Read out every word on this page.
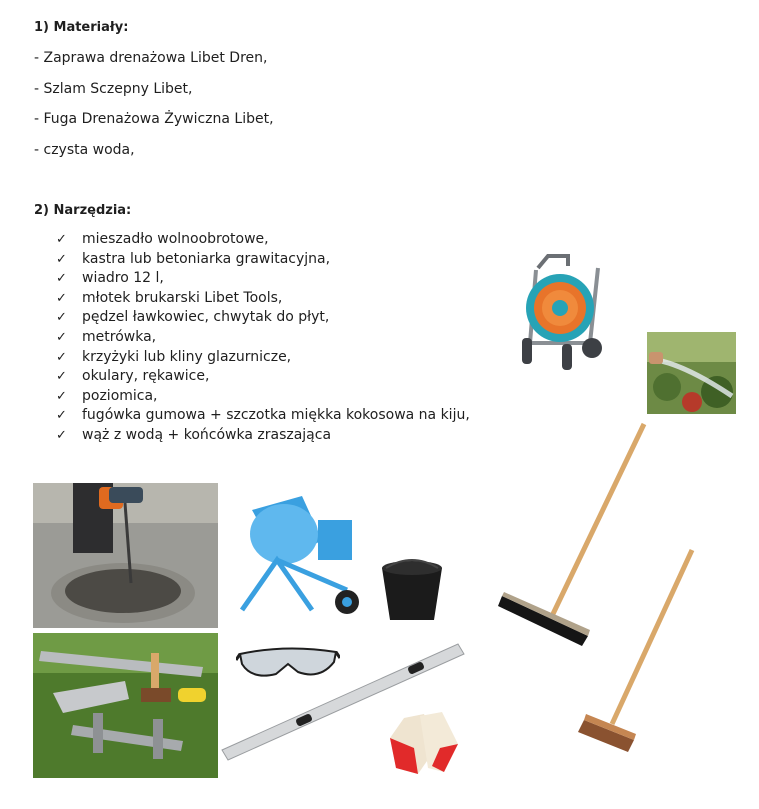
1) Materiały:
- Zaprawa drenażowa Libet Dren,
- Szlam Sczepny Libet,
- Fuga Drenażowa Żywiczna Libet,
- czysta woda,
2) Narzędzia:
✓ mieszadło wolnoobrotowe,
✓ kastra lub betoniarka grawitacyjna,
✓ wiadro 12 l,
✓ młotek brukarski Libet Tools,
✓ pędzel ławkowiec, chwytak do płyt,
✓ metrówka,
✓ krzyżyki lub kliny glazurnicze,
✓ okulary, rękawice,
✓ poziomica,
✓ fugówka gumowa + szczotka miękka kokosowa na kiju,
✓ wąż z wodą + końcówka zraszająca
